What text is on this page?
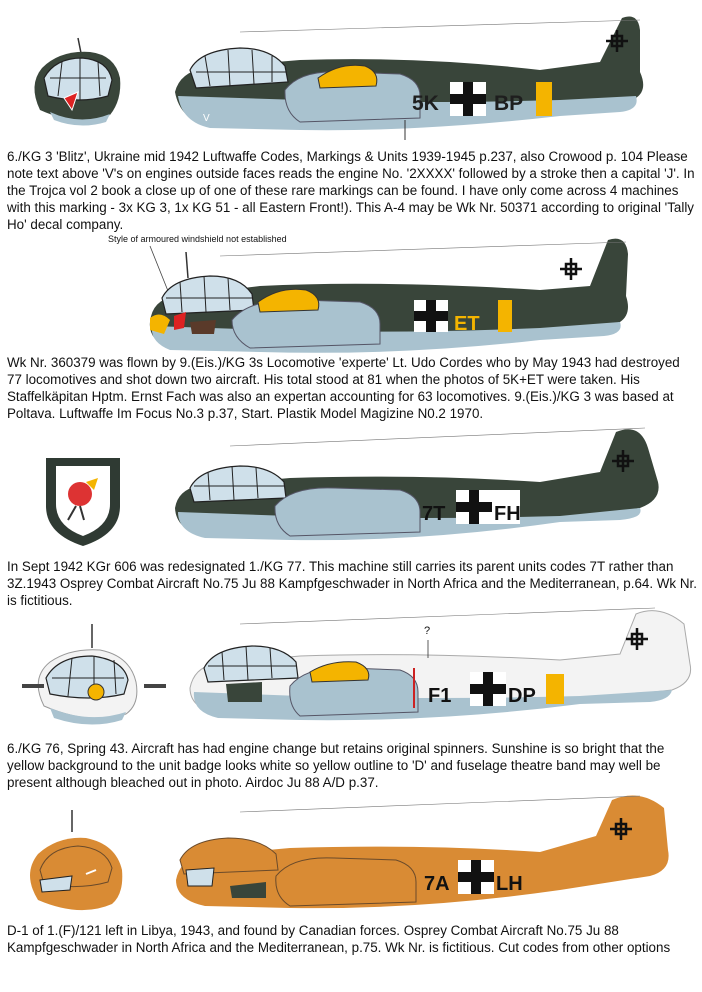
5K	BP
V

6./KG 3 'Blitz', Ukraine mid 1942 Luftwaffe Codes, Markings & Units 1939-1945 p.237, also Crowood p. 104 Please note text above 'V's on engines outside faces reads the engine No. '2XXXX' followed by a stroke then a capital 'J'. In the Trojca vol 2 book a close up of one of these rare markings can be found. I have only come across 4 machines with this marking - 3x KG 3, 1x KG 51 - all Eastern Front!). This A-4 may be Wk Nr. 50371 according to original 'Tally Ho' decal company.

Style of armoured windshield not established
ET

Wk Nr. 360379 was flown by 9.(Eis.)/KG 3s Locomotive 'experte' Lt. Udo Cordes who by May 1943 had destroyed 77 locomotives and shot down two aircraft. His total stood at 81 when the photos of 5K+ET were taken. His Staffelkäpitan Hptm. Ernst Fach was also an expertan accounting for 63 locomotives. 9.(Eis.)/KG 3 was based at Poltava. Luftwaffe Im Focus No.3 p.37, Start. Plastik Model Magizine N0.2 1970.

7T FH

In Sept 1942 KGr 606 was redesignated 1./KG 77. This machine still carries its parent units codes 7T rather than 3Z.1943 Osprey Combat Aircraft No.75 Ju 88 Kampfgeschwader in North Africa and the Mediterranean, p.64. Wk Nr. is fictitious.

?
F1	DP

6./KG 76, Spring 43. Aircraft has had engine change but retains original spinners. Sunshine is so bright that the yellow background to the unit badge looks white so yellow outline to 'D' and fuselage theatre band may well be present although bleached out in photo. Airdoc Ju 88 A/D p.37.

7A LH

D-1 of 1.(F)/121 left in Libya, 1943, and found by Canadian forces. Osprey Combat Aircraft No.75 Ju 88 Kampfgeschwader in North Africa and the Mediterranean, p.75. Wk Nr. is fictitious. Cut codes from other options
